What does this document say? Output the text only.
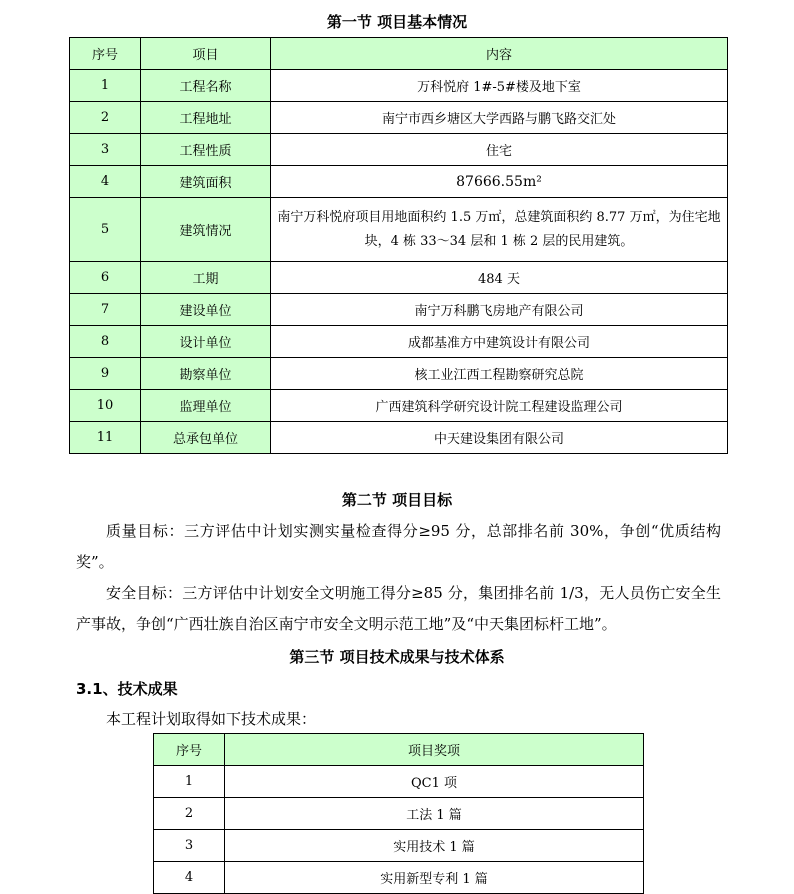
第一节 项目基本情况
序号	项目	内容
1	工程名称	万科悦府 1#-5#楼及地下室
2	工程地址	南宁市西乡塘区大学西路与鹏飞路交汇处
3	工程性质	住宅
4	建筑面积	87666.55m²
5	建筑情况	南宁万科悦府项目用地面积约 1.5 万㎡，总建筑面积约 8.77 万㎡，为住宅地块，4 栋 33～34 层和 1 栋 2 层的民用建筑。
6	工期	484 天
7	建设单位	南宁万科鹏飞房地产有限公司
8	设计单位	成都基准方中建筑设计有限公司
9	勘察单位	核工业江西工程勘察研究总院
10	监理单位	广西建筑科学研究设计院工程建设监理公司
11	总承包单位	中天建设集团有限公司
第二节 项目目标
质量目标：三方评估中计划实测实量检查得分≥95 分，总部排名前 30%，争创“优质结构奖”。
安全目标：三方评估中计划安全文明施工得分≥85 分，集团排名前 1/3，无人员伤亡安全生产事故，争创“广西壮族自治区南宁市安全文明示范工地”及“中天集团标杆工地”。
第三节 项目技术成果与技术体系
3.1、技术成果
本工程计划取得如下技术成果：
序号	项目奖项
1	QC1 项
2	工法 1 篇
3	实用技术 1 篇
4	实用新型专利 1 篇
